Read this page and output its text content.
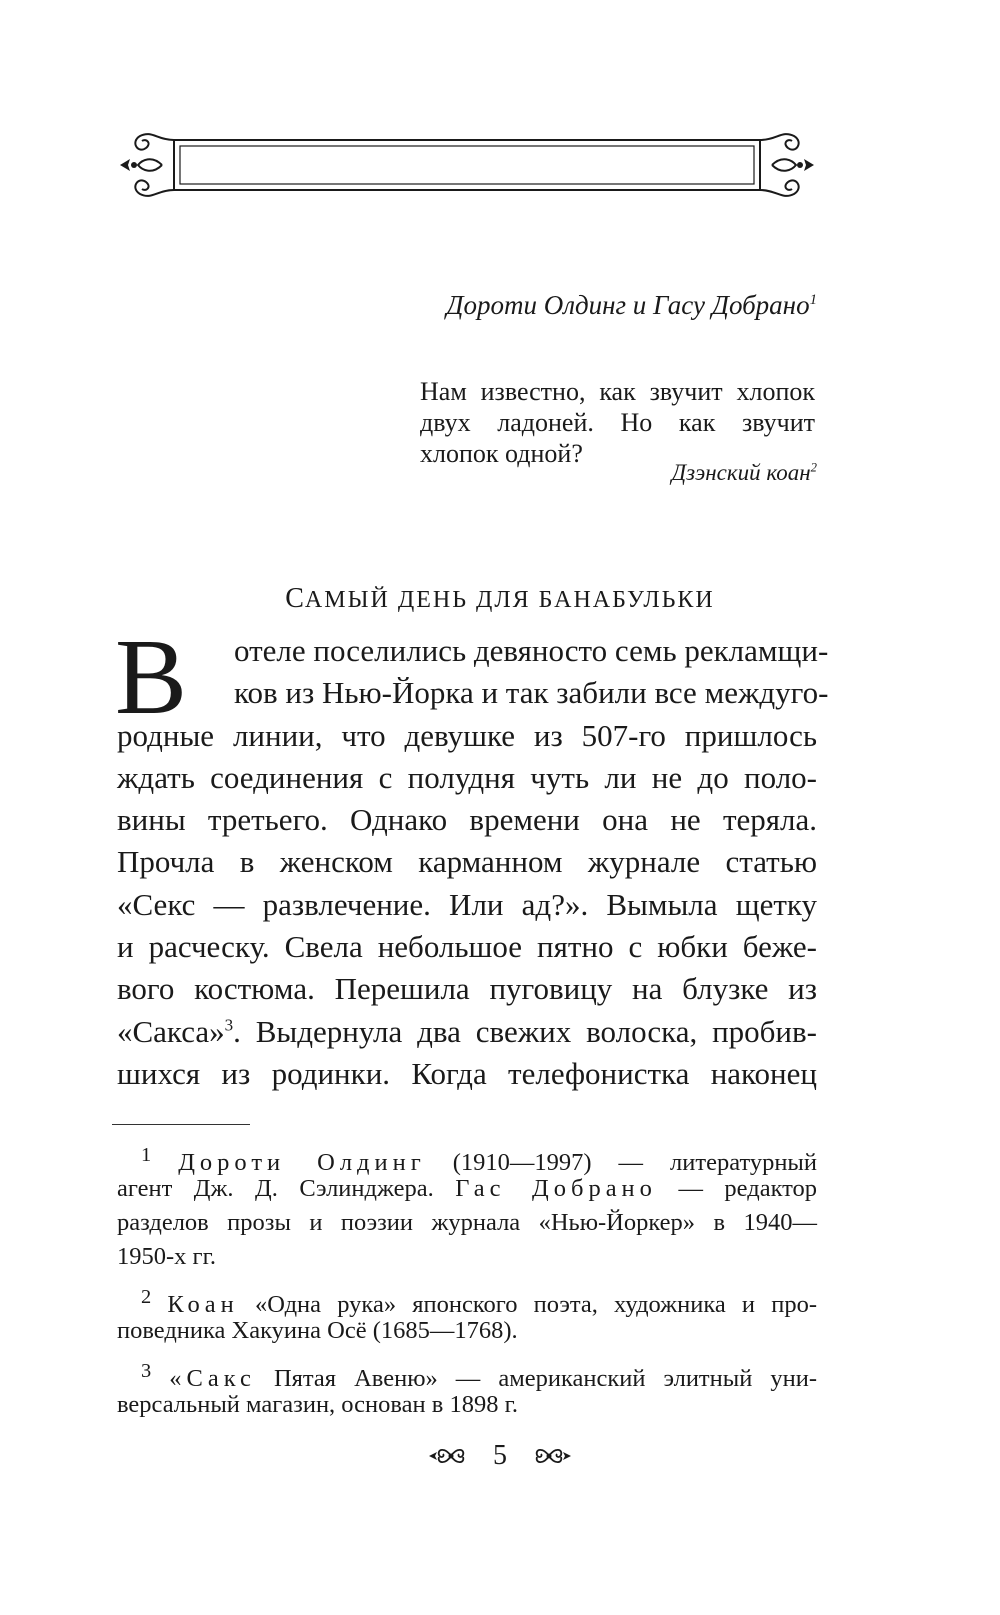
Дороти Олдинг и Гасу Добрано$^1$
Нам известно, как звучит хлопок двух ладоней. Но как звучит хлопок одной?
Дзэнский коан$^2$
САМЫЙ ДЕНЬ ДЛЯ БАНАБУЛЬКИ
В отеле поселились девяносто семь рекламщи-
ков из Нью-Йорка и так забили все междуго-
родные линии, что девушке из 507-го пришлось
ждать соединения с полудня чуть ли не до поло-
вины третьего. Однако времени она не теряла.
Прочла в женском карманном журнале статью
«Секс — развлечение. Или ад?». Вымыла щетку
и расческу. Свела небольшое пятно с юбки беже-
вого костюма. Перешила пуговицу на блузке из
«Сакса»$^3$. Выдернула два свежих волоска, пробив-
шихся из родинки. Когда телефонистка наконец
$^1$ Дороти Олдинг (1910—1997) — литературный
агент Дж. Д. Сэлинджера. Гас Добрано — редактор
разделов прозы и поэзии журнала «Нью-Йоркер» в 1940—
1950-х гг.
$^2$ Коан «Одна рука» японского поэта, художника и про-
поведника Хакуина Осё (1685—1768).
$^3$ «Сакс Пятая Авеню» — американский элитный уни-
версальный магазин, основан в 1898 г.
5
